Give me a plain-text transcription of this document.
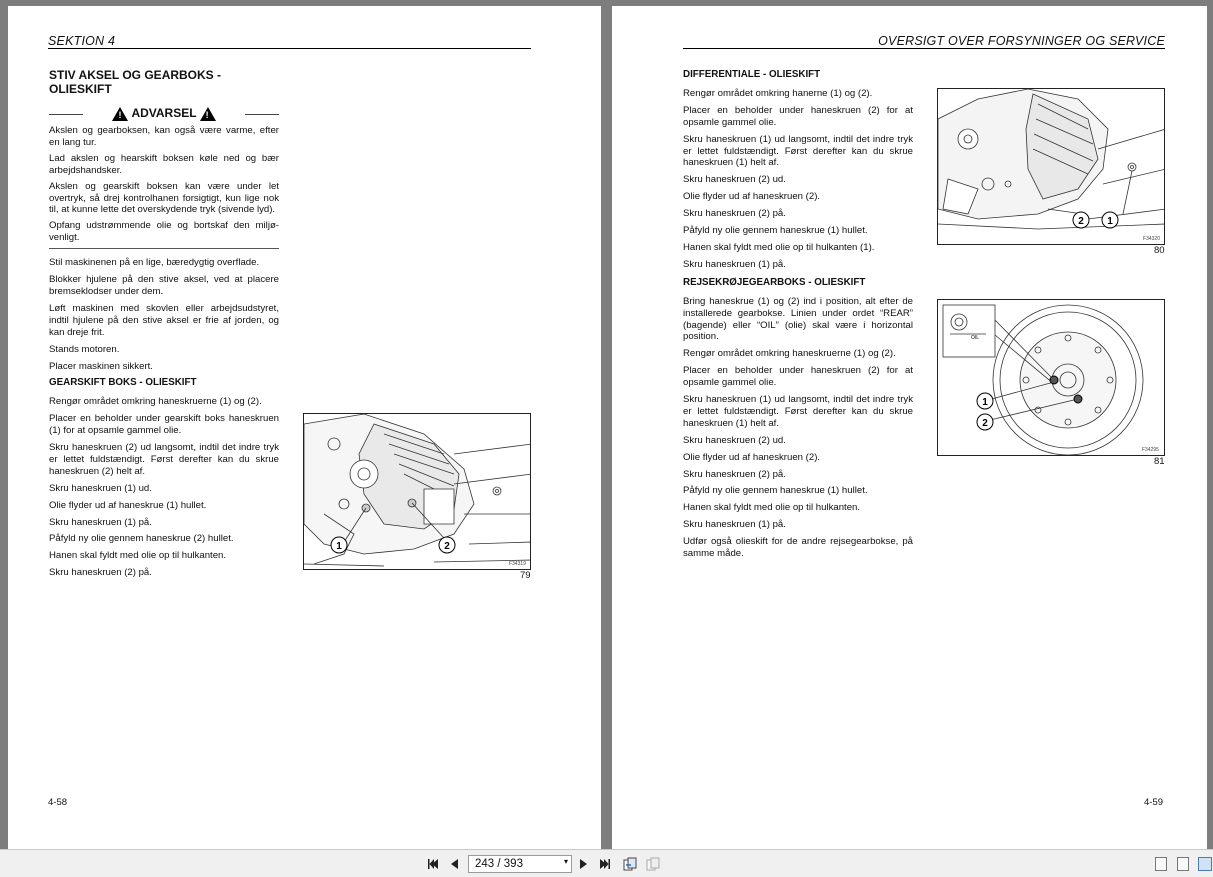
SEKTION 4
STIV AKSEL OG GEARBOKS -
OLIESKIFT
!
ADVARSEL
!

Akslen og gearboksen, kan også være varme, efter en lang tur.

Lad akslen og hearskift boksen køle ned og bær arbejdshandsker.

Akslen og gearskift boksen kan være under let overtryk, så drej kontrolhanen forsigtigt, kun lige nok til, at kunne lette det overskydende tryk (sivende lyd).

Opfang udstrømmende olie og bortskaf den miljø-venligt.

Stil maskinenen på en lige, bæredygtig overflade.

Blokker hjulene på den stive aksel, ved at placere bremseklodser under dem.

Løft maskinen med skovlen eller arbejdsudstyret, indtil hjulene på den stive aksel er frie af jorden, og kan dreje frit.

Stands motoren.

Placer maskinen sikkert.

GEARSKIFT BOKS - OLIESKIFT

Rengør området omkring haneskruerne (1) og (2).

Placer en beholder under gearskift boks haneskruen (1) for at opsamle gammel olie.

Skru haneskruen (2) ud langsomt, indtil det indre tryk er lettet fuldstændigt. Først derefter kan du skrue haneskruen (2) helt af.

Skru haneskruen (1) ud.

Olie flyder ud af haneskrue (1) hullet.

Skru haneskruen (1) på.

Påfyld ny olie gennem haneskrue (2) hullet.

Hanen skal fyldt med olie op til hulkanten.

Skru haneskruen (2) på.

1	2
F34319
79
4-58
OVERSIGT OVER FORSYNINGER OG SERVICE
DIFFERENTIALE - OLIESKIFT

Rengør området omkring hanerne (1) og (2).

Placer en beholder under haneskruen (2) for at opsamle gammel olie.

Skru haneskruen (1) ud langsomt, indtil det indre tryk er lettet fuldstændigt. Først derefter kan du skrue haneskruen (1) helt af.

Skru haneskruen (2) ud.

Olie flyder ud af haneskruen (2).

Skru haneskruen (2) på.

Påfyld ny olie gennem haneskrue (1) hullet.

Hanen skal fyldt med olie op til hulkanten (1).

Skru haneskruen (1) på.

REJSEKRØJEGEARBOKS - OLIESKIFT

Bring haneskrue (1) og (2) ind i position, alt efter de installerede gearbokse. Linien under ordet “REAR” (bagende) eller “OIL” (olie) skal være i horizontal position.

Rengør området omkring haneskruerne (1) og (2).

Placer en beholder under haneskruen (2) for at opsamle gammel olie.

Skru haneskruen (1) ud langsomt, indtil det indre tryk er lettet fuldstændigt. Først derefter kan du skrue haneskruen (1) helt af.

Skru haneskruen (2) ud.

Olie flyder ud af haneskruen (2).

Skru haneskruen (2) på.

Påfyld ny olie gennem haneskrue (1) hullet.

Hanen skal fyldt med olie op til hulkanten.

Skru haneskruen (1) på.

Udfør også olieskift for de andre rejsegearbokse, på samme måde.

2 1
F34320
80
OIL
1
2
F34295
81
4-59
243 / 393	▾
